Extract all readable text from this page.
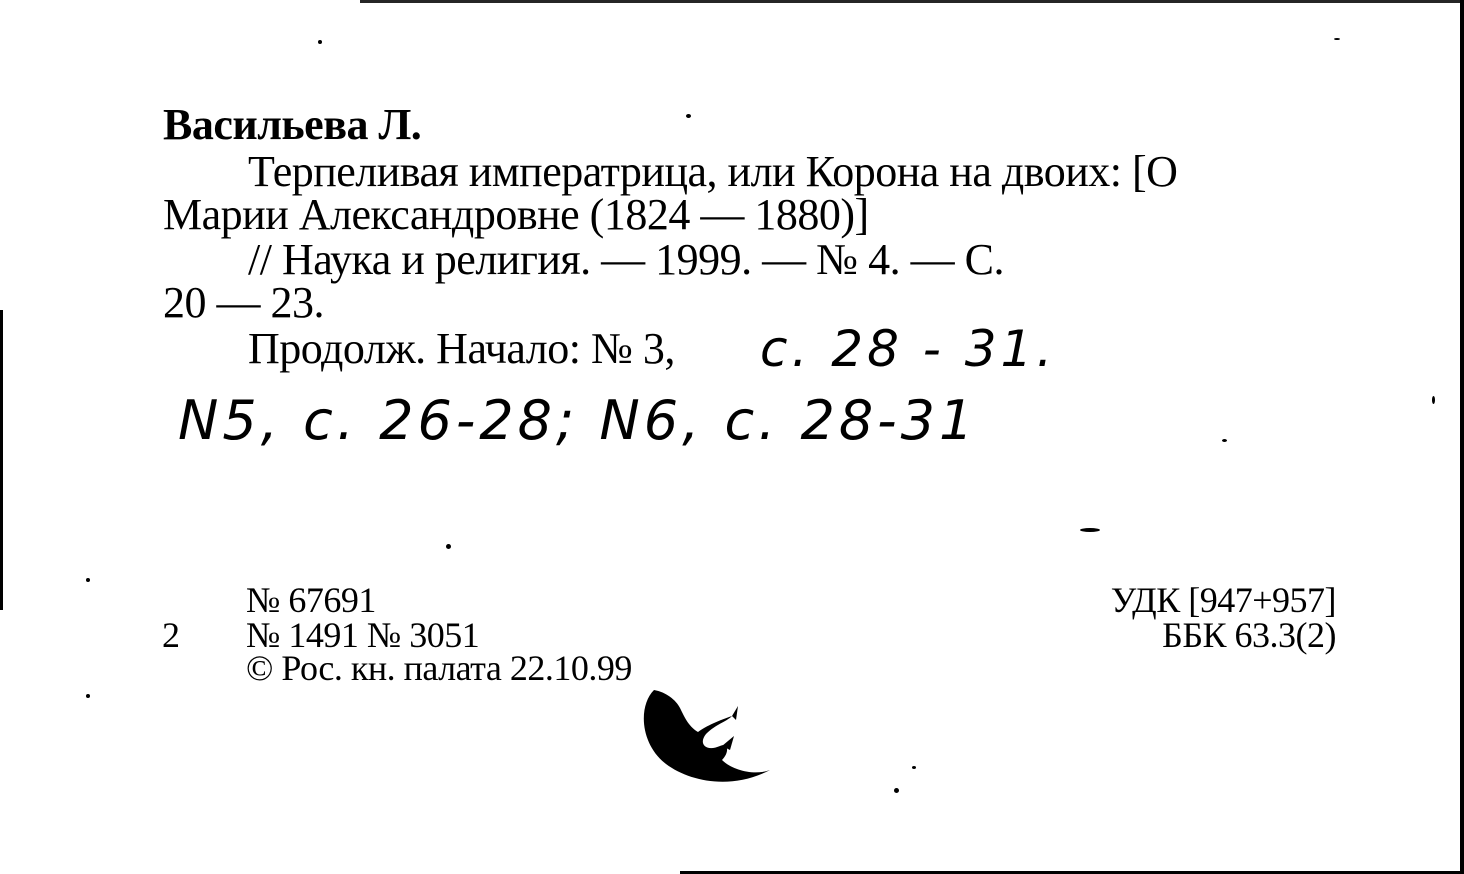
Васильева Л.
Терпеливая императрица, или Корона на двоих: [О
Марии Александровне (1824 — 1880)]
// Наука и религия. — 1999. — № 4. — С.
20 — 23.
Продолж. Начало: № 3, с. 28 - 31.
N5, с. 26-28; N6, с. 28-31
2
№ 67691
№ 1491 № 3051
© Рос. кн. палата 22.10.99
УДК [947+957]
ББК 63.3(2)
